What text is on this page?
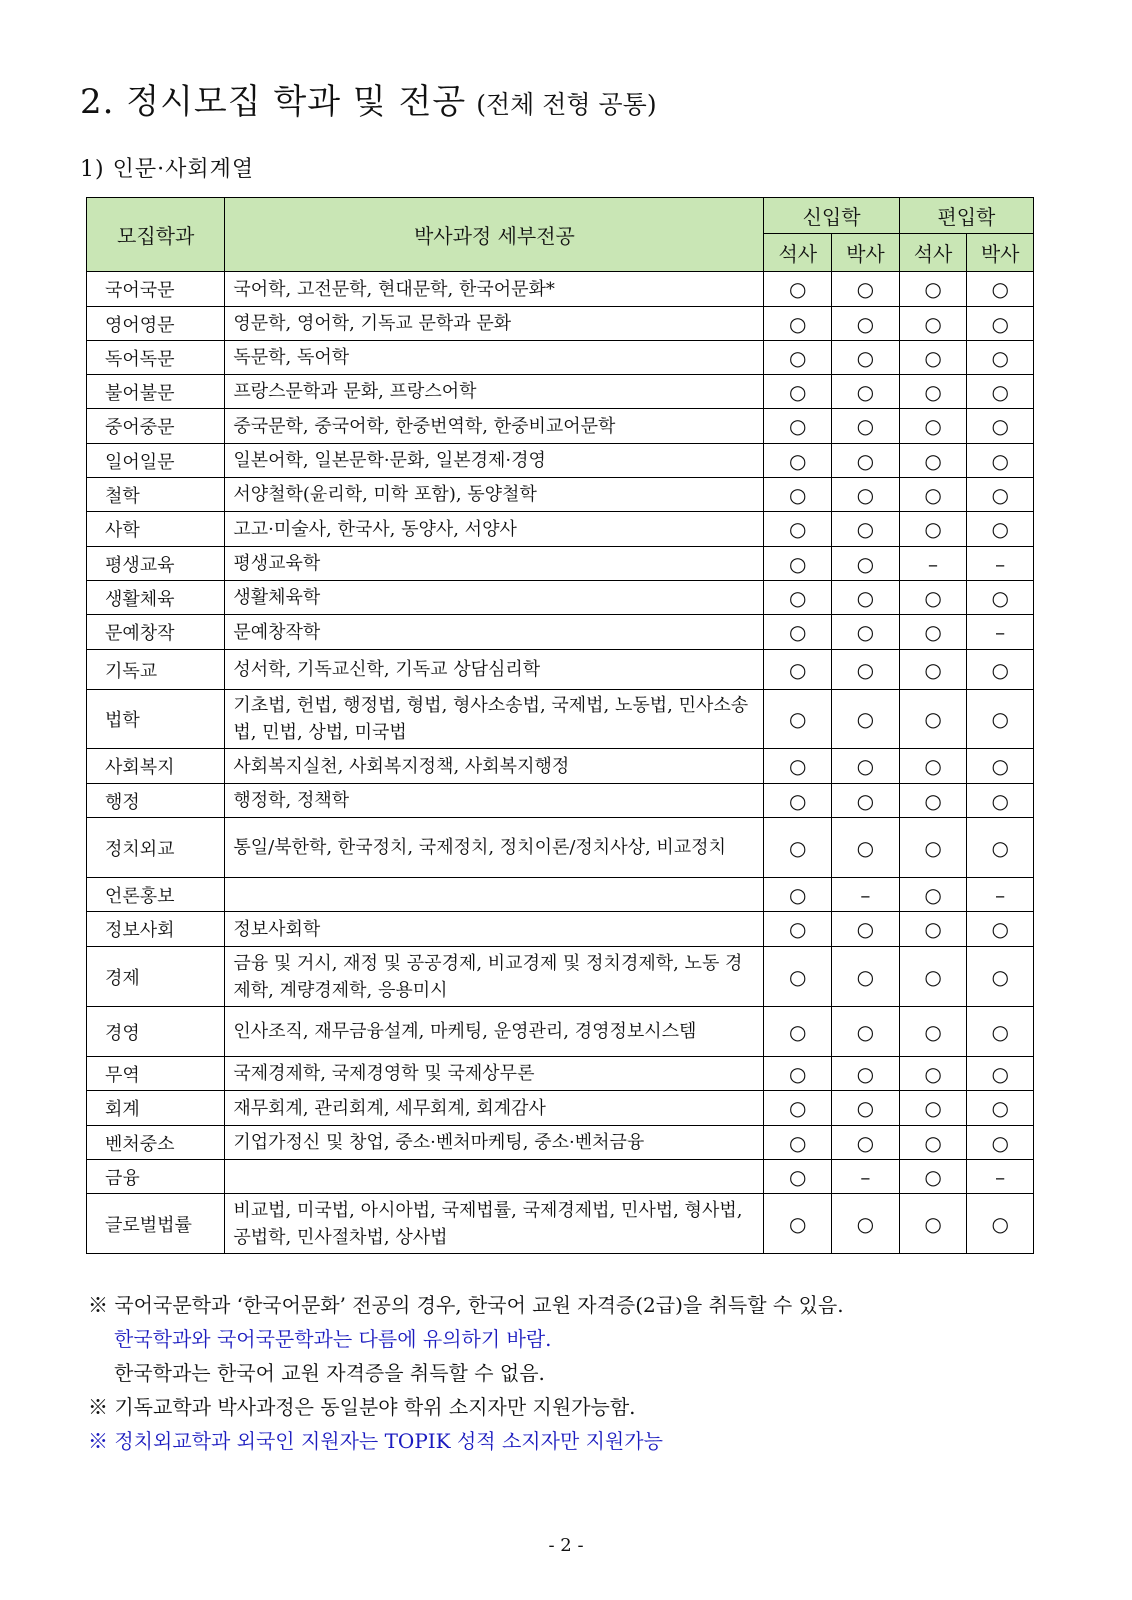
2. 정시모집 학과 및 전공 (전체 전형 공통)
1) 인문·사회계열
모집학과	박사과정 세부전공	신입학		편입학	
		석사	박사	석사	박사
국어국문	국어학, 고전문학, 현대문학, 한국어문화*	○	○	○	○
영어영문	영문학, 영어학, 기독교 문학과 문화	○	○	○	○
독어독문	독문학, 독어학	○	○	○	○
불어불문	프랑스문학과 문화, 프랑스어학	○	○	○	○
중어중문	중국문학, 중국어학, 한중번역학, 한중비교어문학	○	○	○	○
일어일문	일본어학, 일본문학·문화, 일본경제·경영	○	○	○	○
철학	서양철학(윤리학, 미학 포함), 동양철학	○	○	○	○
사학	고고·미술사, 한국사, 동양사, 서양사	○	○	○	○
평생교육	평생교육학	○	○	–	–
생활체육	생활체육학	○	○	○	○
문예창작	문예창작학	○	○	○	–
기독교	성서학, 기독교신학, 기독교 상담심리학	○	○	○	○
법학	기초법, 헌법, 행정법, 형법, 형사소송법, 국제법, 노동법, 민사소송법, 민법, 상법, 미국법	○	○	○	○
사회복지	사회복지실천, 사회복지정책, 사회복지행정	○	○	○	○
행정	행정학, 정책학	○	○	○	○
정치외교	통일/북한학, 한국정치, 국제정치, 정치이론/정치사상, 비교정치	○	○	○	○
언론홍보		○	–	○	–
정보사회	정보사회학	○	○	○	○
경제	금융 및 거시, 재정 및 공공경제, 비교경제 및 정치경제학, 노동 경제학, 계량경제학, 응용미시	○	○	○	○
경영	인사조직, 재무금융설계, 마케팅, 운영관리, 경영정보시스템	○	○	○	○
무역	국제경제학, 국제경영학 및 국제상무론	○	○	○	○
회계	재무회계, 관리회계, 세무회계, 회계감사	○	○	○	○
벤처중소	기업가정신 및 창업, 중소·벤처마케팅, 중소·벤처금융	○	○	○	○
금융		○	–	○	–
글로벌법률	비교법, 미국법, 아시아법, 국제법률, 국제경제법, 민사법, 형사법, 공법학, 민사절차법, 상사법	○	○	○	○
※ 국어국문학과 ‘한국어문화’ 전공의 경우, 한국어 교원 자격증(2급)을 취득할 수 있음.
한국학과와 국어국문학과는 다름에 유의하기 바람.
한국학과는 한국어 교원 자격증을 취득할 수 없음.
※ 기독교학과 박사과정은 동일분야 학위 소지자만 지원가능함.
※ 정치외교학과 외국인 지원자는 TOPIK 성적 소지자만 지원가능
- 2 -
